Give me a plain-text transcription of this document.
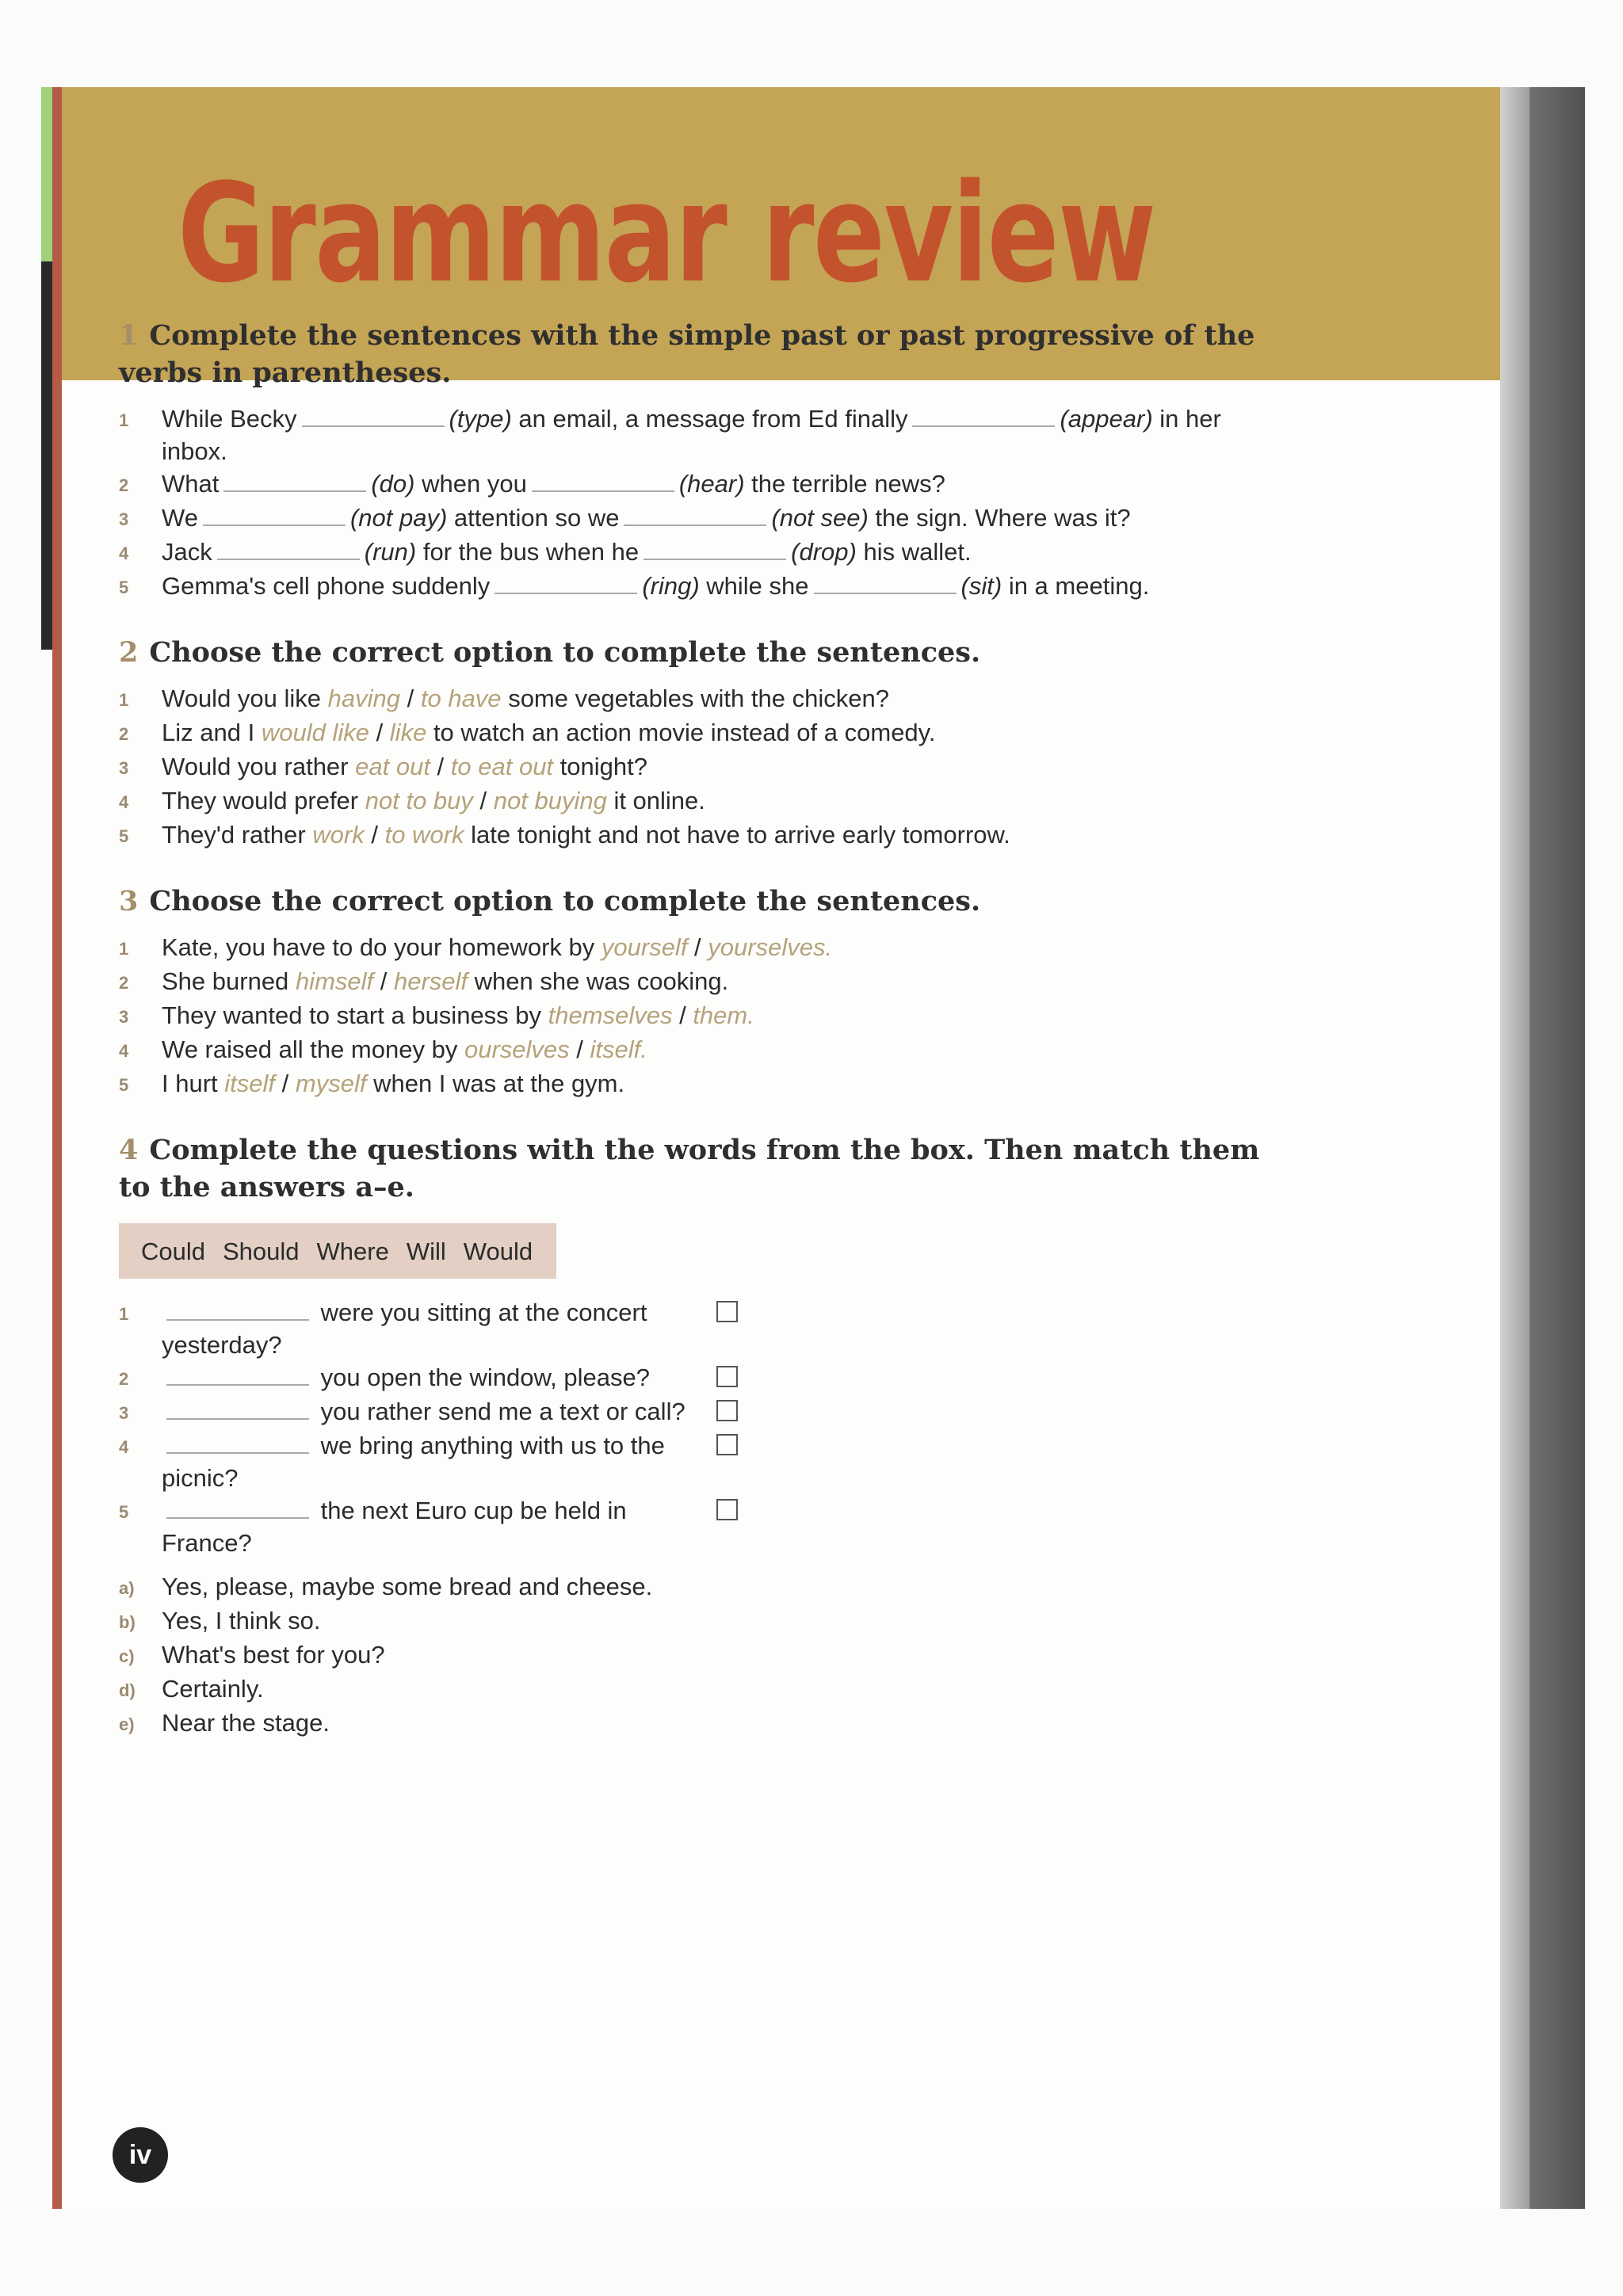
Grammar review
1 Complete the sentences with the simple past or past progressive of the verbs in parentheses.
1	While Becky	(type) an email, a message from Ed finally	(appear) in her inbox.
2	What	(do) when you	(hear) the terrible news?
3	We	(not pay) attention so we	(not see) the sign. Where was it?
4	Jack	(run) for the bus when he	(drop) his wallet.
5	Gemma's cell phone suddenly	(ring) while she	(sit) in a meeting.
2 Choose the correct option to complete the sentences.
1	Would you like having / to have some vegetables with the chicken?
2	Liz and I would like / like to watch an action movie instead of a comedy.
3	Would you rather eat out / to eat out tonight?
4	They would prefer not to buy / not buying it online.
5	They'd rather work / to work late tonight and not have to arrive early tomorrow.
3 Choose the correct option to complete the sentences.
1	Kate, you have to do your homework by yourself / yourselves.
2	She burned himself / herself when she was cooking.
3	They wanted to start a business by themselves / them.
4	We raised all the money by ourselves / itself.
5	I hurt itself / myself when I was at the gym.
4 Complete the questions with the words from the box. Then match them to the answers a–e.
Could Should Where Will Would
1	were you sitting at the concert yesterday?
2	you open the window, please?
3	you rather send me a text or call?
4	we bring anything with us to the picnic?
5	the next Euro cup be held in France?
a)	Yes, please, maybe some bread and cheese.
b)	Yes, I think so.
c)	What's best for you?
d)	Certainly.
e)	Near the stage.
iv
